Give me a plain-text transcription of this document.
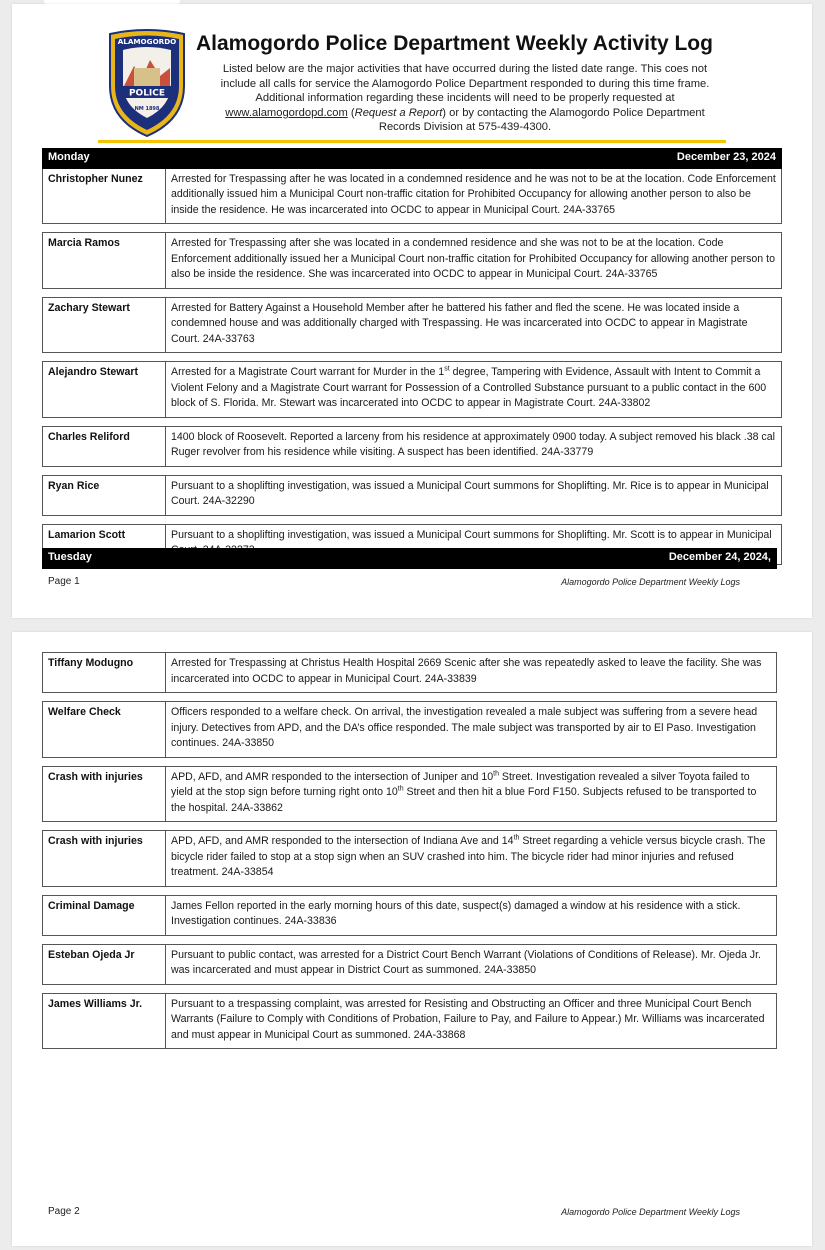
POLICE
ALAMOGORDO
NM 1898
Alamogordo Police Department Weekly Activity Log
Listed below are the major activities that have occurred during the listed date range. This coes not include all calls for service the Alamogordo Police Department responded to during this time frame. Additional information regarding these incidents will need to be properly requested at www.alamogordopd.com (Request a Report) or by contacting the Alamogordo Police Department Records Division at 575-439-4300.
Monday	December 23, 2024
Christopher Nunez	Arrested for Trespassing after he was located in a condemned residence and he was not to be at the location. Code Enforcement additionally issued him a Municipal Court non-traffic citation for Prohibited Occupancy for allowing another person to also be inside the residence. He was incarcerated into OCDC to appear in Municipal Court. 24A-33765

Marcia Ramos	Arrested for Trespassing after she was located in a condemned residence and she was not to be at the location. Code Enforcement additionally issued her a Municipal Court non-traffic citation for Prohibited Occupancy for allowing another person to also be inside the residence. She was incarcerated into OCDC to appear in Municipal Court. 24A-33765

Zachary Stewart	Arrested for Battery Against a Household Member after he battered his father and fled the scene. He was located inside a condemned house and was additionally charged with Trespassing. He was incarcerated into OCDC to appear in Magistrate Court. 24A-33763

Alejandro Stewart	Arrested for a Magistrate Court warrant for Murder in the 1st degree, Tampering with Evidence, Assault with Intent to Commit a Violent Felony and a Magistrate Court warrant for Possession of a Controlled Substance pursuant to a public contact in the 600 block of S. Florida. Mr. Stewart was incarcerated into OCDC to appear in Magistrate Court. 24A-33802

Charles Reliford	1400 block of Roosevelt. Reported a larceny from his residence at approximately 0900 today. A subject removed his black .38 cal Ruger revolver from his residence while visiting. A suspect has been identified. 24A-33779

Ryan Rice	Pursuant to a shoplifting investigation, was issued a Municipal Court summons for Shoplifting. Mr. Rice is to appear in Municipal Court. 24A-32290

Lamarion Scott	Pursuant to a shoplifting investigation, was issued a Municipal Court summons for Shoplifting. Mr. Scott is to appear in Municipal
Tuesday	December 24, 2024,
Page 1	Alamogordo Police Department Weekly Logs
Tiffany Modugno	Arrested for Trespassing at Christus Health Hospital 2669 Scenic after she was repeatedly asked to leave the facility. She was incarcerated into OCDC to appear in Municipal Court. 24A-33839

Welfare Check	Officers responded to a welfare check. On arrival, the investigation revealed a male subject was suffering from a severe head injury. Detectives from APD, and the DA’s office responded. The male subject was transported by air to El Paso. Investigation continues. 24A-33850

Crash with injuries	APD, AFD, and AMR responded to the intersection of Juniper and 10th Street. Investigation revealed a silver Toyota failed to yield at the stop sign before turning right onto 10th Street and then hit a blue Ford F150. Subjects refused to be transported to the hospital. 24A-33862

Crash with injuries	APD, AFD, and AMR responded to the intersection of Indiana Ave and 14th Street regarding a vehicle versus bicycle crash. The bicycle rider failed to stop at a stop sign when an SUV crashed into him. The bicycle rider had minor injuries and refused treatment. 24A-33854

Criminal Damage	James Fellon reported in the early morning hours of this date, suspect(s) damaged a window at his residence with a stick. Investigation continues. 24A-33836

Esteban Ojeda Jr	Pursuant to public contact, was arrested for a District Court Bench Warrant (Violations of Conditions of Release). Mr. Ojeda Jr. was incarcerated and must appear in District Court as summoned. 24A-33850

James Williams Jr.	Pursuant to a trespassing complaint, was arrested for Resisting and Obstructing an Officer and three Municipal Court Bench Warrants (Failure to Comply with Conditions of Probation, Failure to Pay, and Failure to Appear.) Mr. Williams was incarcerated and must appear in Municipal Court as summoned. 24A-33868
Page 2	Alamogordo Police Department Weekly Logs
